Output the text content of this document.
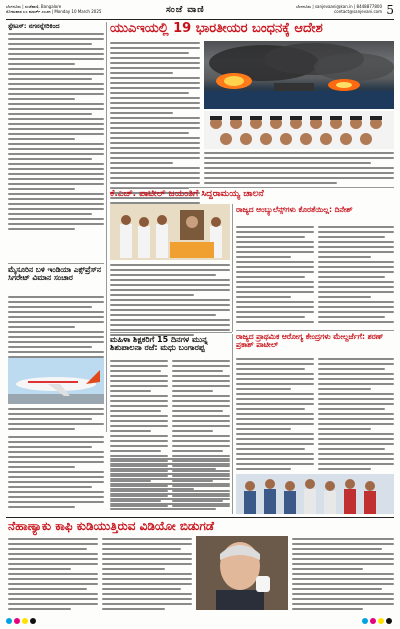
ಬೆಂಗಳೂರು | ಸಂಜೆವಾಣಿ, Bangalore
ಸೋಮವಾರ ೩೦ ಮಾರ್ಚ್ ೨೦೨೫ | Monday 10 March 2025	ಸಂಜೆ ವಾಣಿ	ಬೆಂಗಳೂರು | sanjevaani@kan.in | 8448877800
contact@sanjevani.com 5
ಸ್ಟೇಟಸ್: ನಗನನ್ನೇರಿಕಿಂದ	ಯುಎಇಯಲ್ಲಿ 19 ಭಾರತೀಯರ ಬಂಧನಕ್ಕೆ ಆದೇಶ
ಕೆ.ಎಚ್. ಪಾಟೀಲ್ ಜಯಂತಿಗೆ ಸಿದ್ದರಾಮಯ್ಯ ಚಾಲನೆ
ರಾಜ್ಯದ ಆಂಬ್ಯುಲೆನ್ಸ್‌ಗಳು ಕೊರತೆಯಿಲ್ಲ: ದಿನೇಶ್
ರಾಜ್ಯದ ಪ್ರಾಥಮಿಕ ಆರೋಗ್ಯ ಕೇಂದ್ರಗಳು ಮೇಲ್ದರ್ಜೆಗೆ: ಶರಣ್ ಪ್ರಕಾಶ್ ಪಾಟೀಲ್
ಮೈಸೂರಿನ ಬಳಿ ಇಂಡಿಯಾ ಎಕ್ಸ್‌ಪ್ರೆಸ್‌ನ ಸಿಗರೇಟ್ ವಿಮಾನ ಸಂಚಾರ
ಮಹಿಳಾ ಶಿಕ್ಷಕರಿಗೆ 15 ದಿನಗಳ ಮುನ್ನ ಶಿಶುಪಾಲನಾ ರಜೆ: ಮಧು ಬಂಗಾರಪ್ಪ
ನೆಹಾಣ್ಯಾಕು ಕಾಫಿ ಕುಡಿಯುತ್ತಿರುವ ವಿಡಿಯೋ ಬಿಡುಗಡೆ
